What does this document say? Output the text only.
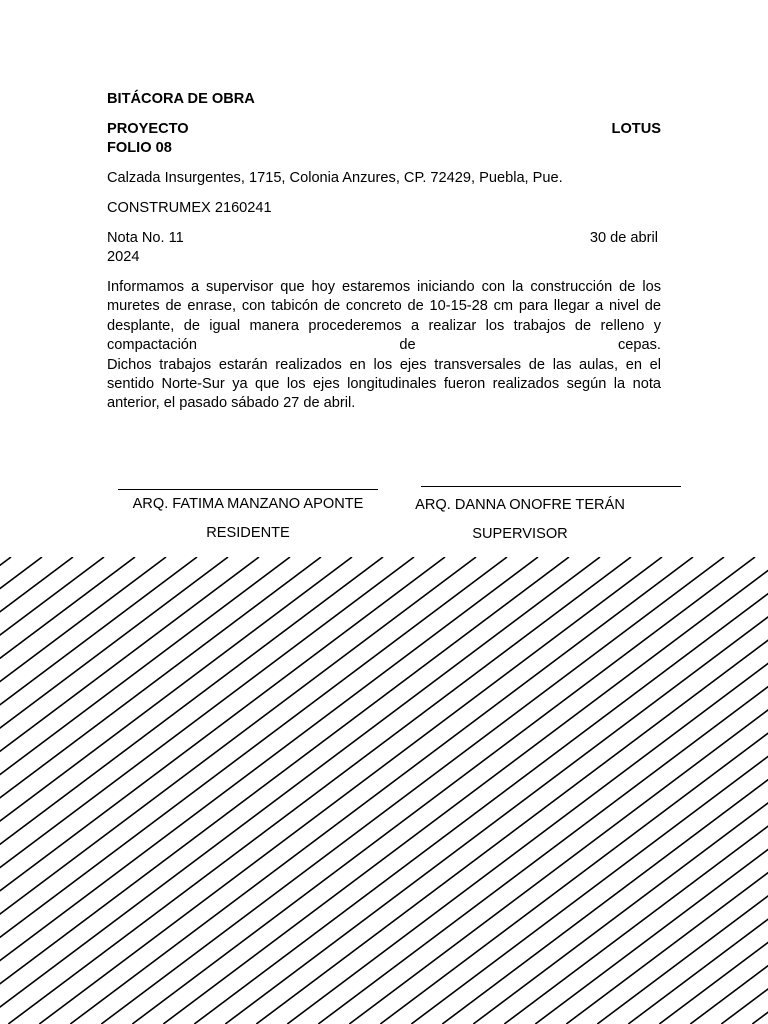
BITÁCORA DE OBRA

PROYECTO	LOTUS

FOLIO 08

Calzada Insurgentes, 1715, Colonia Anzures, CP. 72429, Puebla, Pue.

CONSTRUMEX 2160241

Nota No. 11	30 de abril

2024

Informamos a supervisor que hoy estaremos iniciando con la construcción de los

muretes de enrase, con tabicón de concreto de 10-15-28 cm para llegar a nivel de

desplante, de igual manera procederemos a realizar los trabajos de relleno y

compactación de cepas.

Dichos trabajos estarán realizados en los ejes transversales de las aulas, en el

sentido Norte-Sur ya que los ejes longitudinales fueron realizados según la nota

anterior, el pasado sábado 27 de abril.

ARQ. FATIMA MANZANO APONTE

RESIDENTE

ARQ. DANNA ONOFRE TERÁN

SUPERVISOR
